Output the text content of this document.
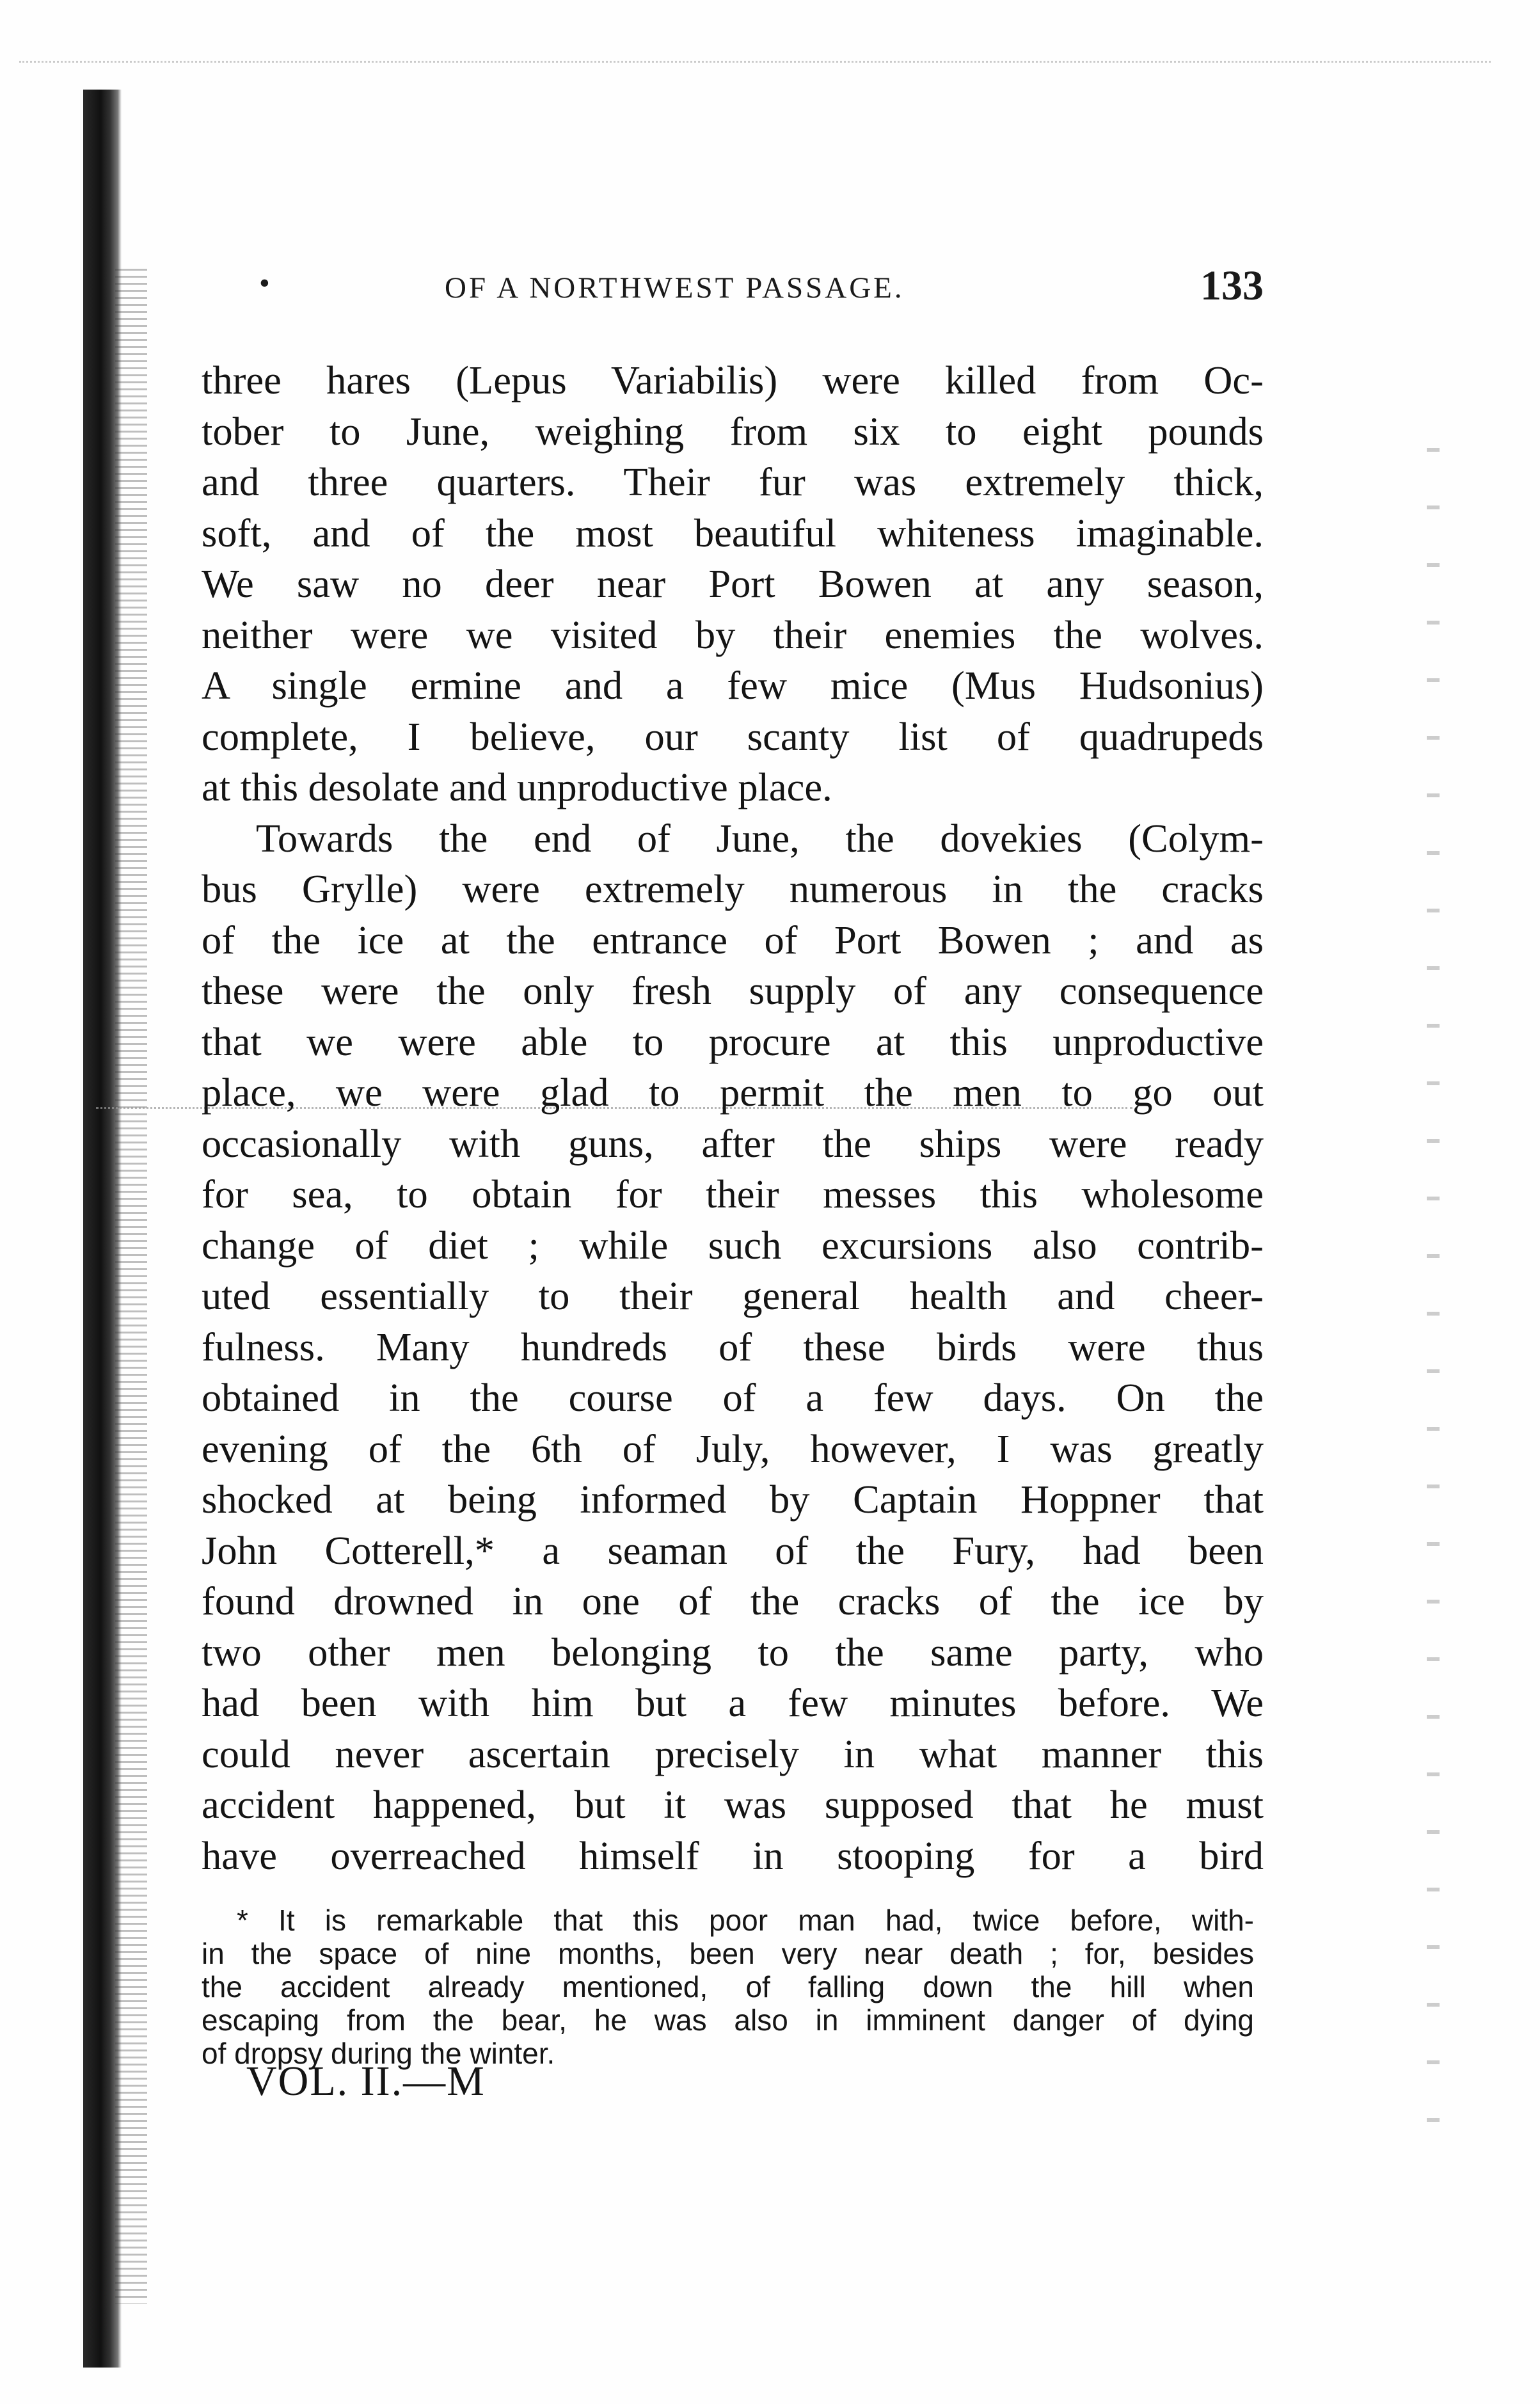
•	OF A NORTHWEST PASSAGE.	133
three hares (Lepus Variabilis) were killed from Oc-
tober to June, weighing from six to eight pounds
and three quarters. Their fur was extremely thick,
soft, and of the most beautiful whiteness imaginable.
We saw no deer near Port Bowen at any season,
neither were we visited by their enemies the wolves.
A single ermine and a few mice (Mus Hudsonius)
complete, I believe, our scanty list of quadrupeds
at this desolate and unproductive place.
Towards the end of June, the dovekies (Colym-
bus Grylle) were extremely numerous in the cracks
of the ice at the entrance of Port Bowen ; and as
these were the only fresh supply of any consequence
that we were able to procure at this unproductive
place, we were glad to permit the men to go out
occasionally with guns, after the ships were ready
for sea, to obtain for their messes this wholesome
change of diet ; while such excursions also contrib-
uted essentially to their general health and cheer-
fulness. Many hundreds of these birds were thus
obtained in the course of a few days. On the
evening of the 6th of July, however, I was greatly
shocked at being informed by Captain Hoppner that
John Cotterell,* a seaman of the Fury, had been
found drowned in one of the cracks of the ice by
two other men belonging to the same party, who
had been with him but a few minutes before. We
could never ascertain precisely in what manner this
accident happened, but it was supposed that he must
have overreached himself in stooping for a bird
* It is remarkable that this poor man had, twice before, with-
in the space of nine months, been very near death ; for, besides
the accident already mentioned, of falling down the hill when
escaping from the bear, he was also in imminent danger of dying
of dropsy during the winter.
VOL. II.—M
